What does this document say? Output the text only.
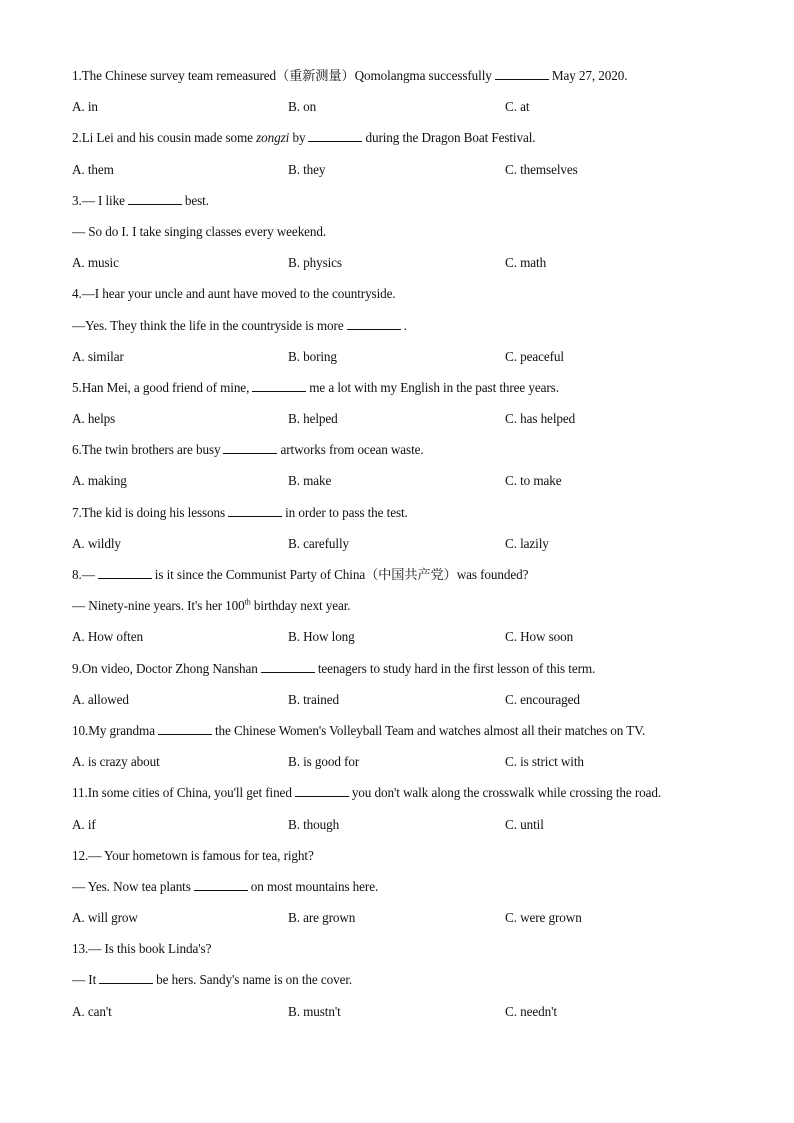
1.The Chinese survey team remeasured（重新测量）Qomolangma successfully	May 27, 2020.
A. in	B. on	C. at
2.Li Lei and his cousin made some zongzi by	during the Dragon Boat Festival.
A. them	B. they	C. themselves
3.— I like	best.
— So do I. I take singing classes every weekend.
A. music	B. physics	C. math
4.—I hear your uncle and aunt have moved to the countryside.
—Yes. They think the life in the countryside is more	.
A. similar	B. boring	C. peaceful
5.Han Mei, a good friend of mine,	me a lot with my English in the past three years.
A. helps	B. helped	C. has helped
6.The twin brothers are busy	artworks from ocean waste.
A. making	B. make	C. to make
7.The kid is doing his lessons	in order to pass the test.
A. wildly	B. carefully	C. lazily
8.—	is it since the Communist Party of China（中国共产党）was founded?
— Ninety-nine years. It's her 100th birthday next year.
A. How often	B. How long	C. How soon
9.On video, Doctor Zhong Nanshan	teenagers to study hard in the first lesson of this term.
A. allowed	B. trained	C. encouraged
10.My grandma	the Chinese Women's Volleyball Team and watches almost all their matches on TV.
A. is crazy about	B. is good for	C. is strict with
11.In some cities of China, you'll get fined	you don't walk along the crosswalk while crossing the road.
A. if	B. though	C. until
12.— Your hometown is famous for tea, right?
— Yes. Now tea plants	on most mountains here.
A. will grow	B. are grown	C. were grown
13.— Is this book Linda's?
— It	be hers. Sandy's name is on the cover.
A. can't	B. mustn't	C. needn't
